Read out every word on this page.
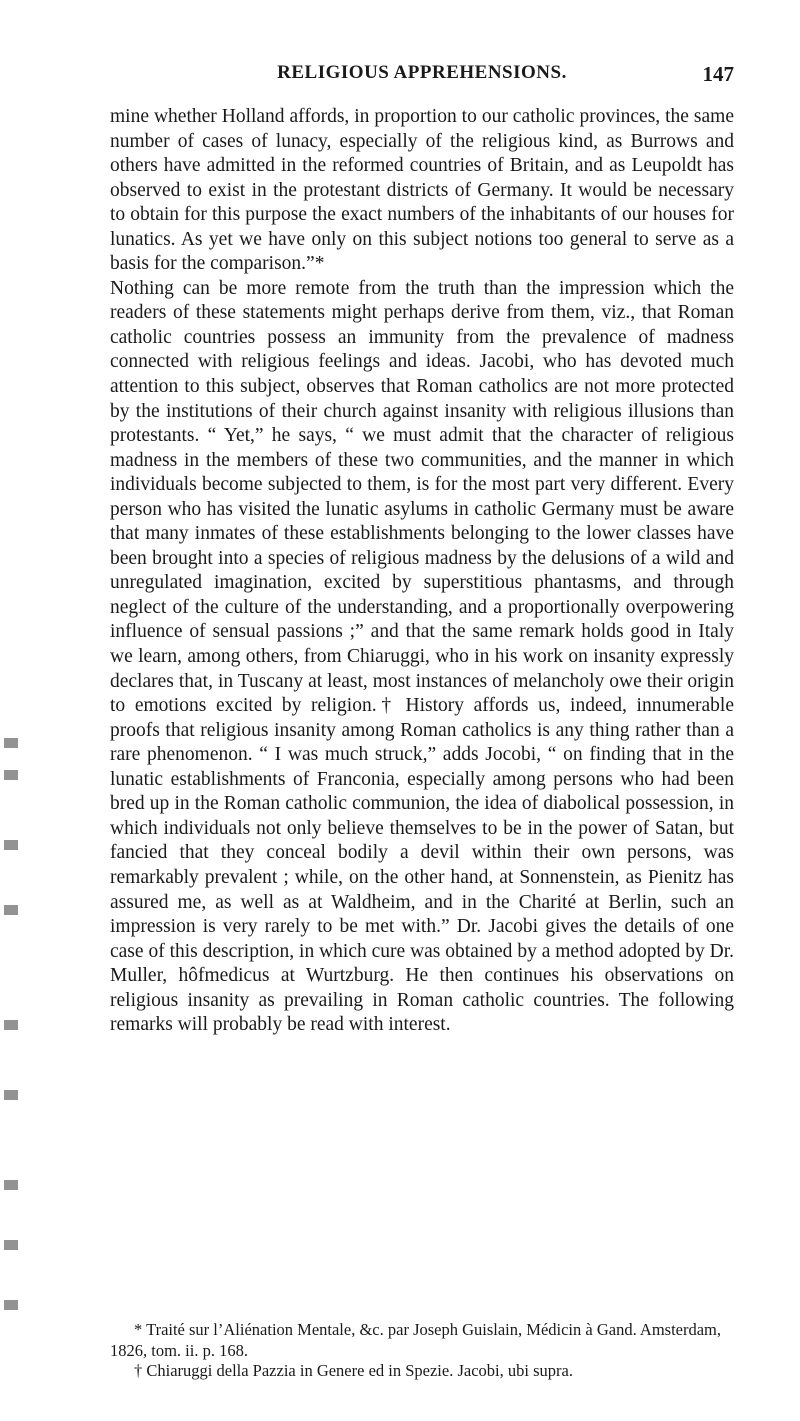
RELIGIOUS APPREHENSIONS.	147

mine whether Holland affords, in proportion to our catholic provinces, the same number of cases of lunacy, especially of the religious kind, as Burrows and others have admitted in the reformed countries of Britain, and as Leupoldt has observed to exist in the protestant districts of Germany. It would be necessary to obtain for this purpose the exact numbers of the inhabitants of our houses for lunatics. As yet we have only on this subject notions too general to serve as a basis for the comparison.”*

Nothing can be more remote from the truth than the impression which the readers of these statements might perhaps derive from them, viz., that Roman catholic countries possess an immunity from the prevalence of madness connected with religious feelings and ideas. Jacobi, who has devoted much attention to this subject, observes that Roman catholics are not more protected by the institutions of their church against insanity with religious illusions than protestants. “ Yet,” he says, “ we must admit that the character of religious madness in the members of these two communities, and the manner in which individuals become subjected to them, is for the most part very different. Every person who has visited the lunatic asylums in catholic Germany must be aware that many inmates of these establishments belonging to the lower classes have been brought into a species of religious madness by the delusions of a wild and unregulated imagination, excited by superstitious phantasms, and through neglect of the culture of the understanding, and a proportionally overpowering influence of sensual passions ;” and that the same remark holds good in Italy we learn, among others, from Chiaruggi, who in his work on insanity expressly declares that, in Tuscany at least, most instances of melancholy owe their origin to emotions excited by religion.† History affords us, indeed, innumerable proofs that religious insanity among Roman catholics is any thing rather than a rare phenomenon. “ I was much struck,” adds Jocobi, “ on finding that in the lunatic establishments of Franconia, especially among persons who had been bred up in the Roman catholic communion, the idea of diabolical possession, in which individuals not only believe themselves to be in the power of Satan, but fancied that they conceal bodily a devil within their own persons, was remarkably prevalent ; while, on the other hand, at Sonnenstein, as Pienitz has assured me, as well as at Waldheim, and in the Charité at Berlin, such an impression is very rarely to be met with.” Dr. Jacobi gives the details of one case of this description, in which cure was obtained by a method adopted by Dr. Muller, hôfmedicus at Wurtzburg. He then continues his observations on religious insanity as prevailing in Roman catholic countries. The following remarks will probably be read with interest.

* Traité sur l’Aliénation Mentale, &c. par Joseph Guislain, Médicin à Gand. Amsterdam, 1826, tom. ii. p. 168.

† Chiaruggi della Pazzia in Genere ed in Spezie. Jacobi, ubi supra.
